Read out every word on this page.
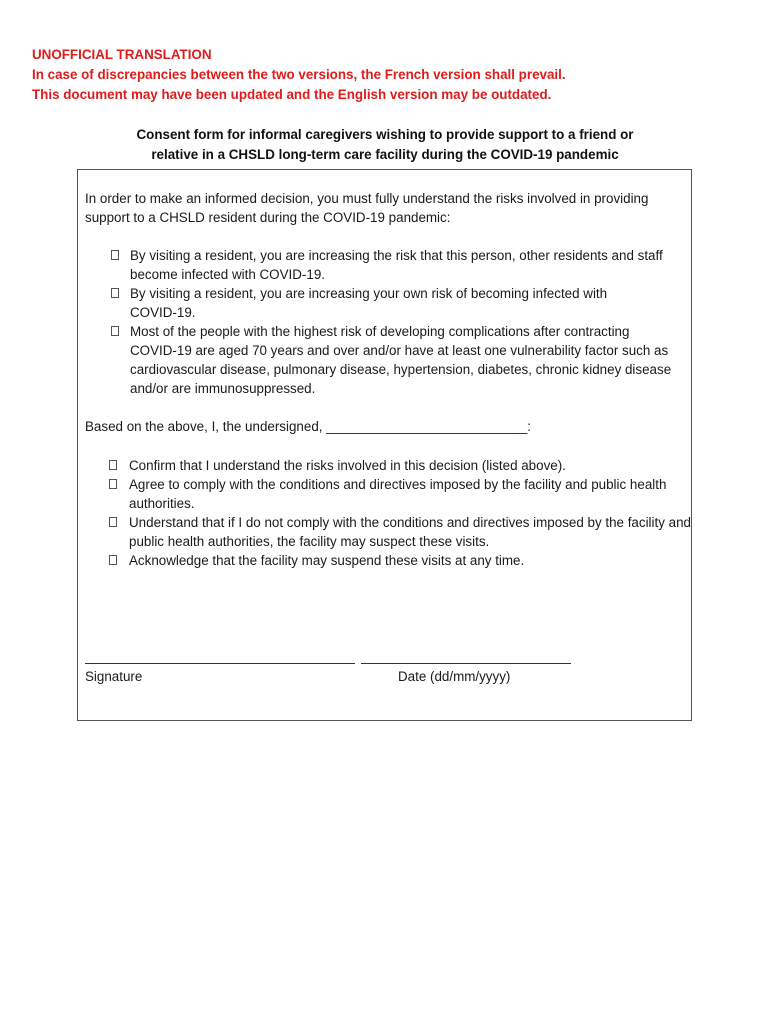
UNOFFICIAL TRANSLATION
In case of discrepancies between the two versions, the French version shall prevail.
This document may have been updated and the English version may be outdated.
Consent form for informal caregivers wishing to provide support to a friend or
relative in a CHSLD long-term care facility during the COVID-19 pandemic
In order to make an informed decision, you must fully understand the risks involved in providing support to a CHSLD resident during the COVID-19 pandemic:
By visiting a resident, you are increasing the risk that this person, other residents and staff become infected with COVID-19.
By visiting a resident, you are increasing your own risk of becoming infected with COVID-19.
Most of the people with the highest risk of developing complications after contracting COVID-19 are aged 70 years and over and/or have at least one vulnerability factor such as cardiovascular disease, pulmonary disease, hypertension, diabetes, chronic kidney disease and/or are immunosuppressed.
Based on the above, I, the undersigned, ___________________________:
Confirm that I understand the risks involved in this decision (listed above).
Agree to comply with the conditions and directives imposed by the facility and public health authorities.
Understand that if I do not comply with the conditions and directives imposed by the facility and public health authorities, the facility may suspect these visits.
Acknowledge that the facility may suspend these visits at any time.
Signature	Date (dd/mm/yyyy)
